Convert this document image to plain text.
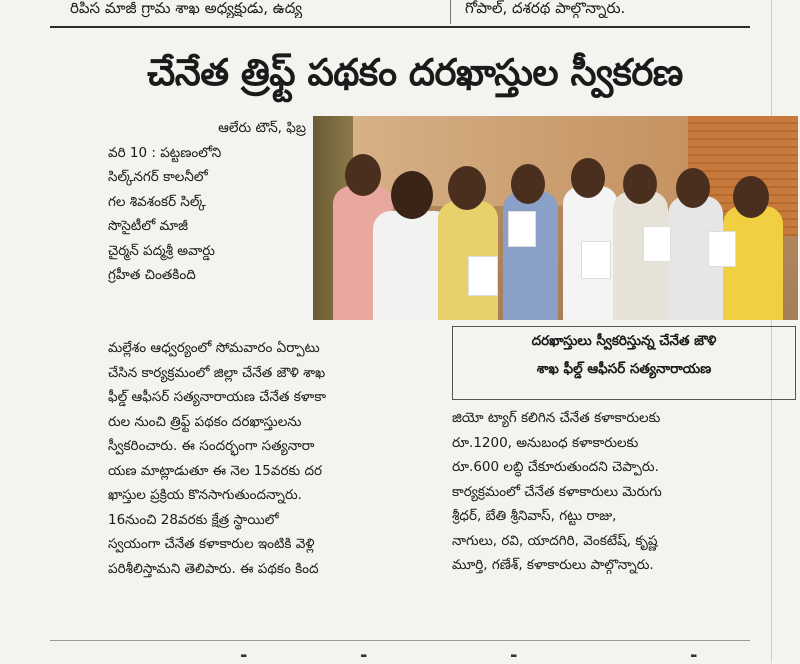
రిపిస మాజీ గ్రామ శాఖ అధ్యక్షుడు, ఉద్య	గోపాల్, దశరథ పాల్గొన్నారు.
చేనేత త్రిఫ్ట్ పథకం దరఖాస్తుల స్వీకరణ

ఆలేరు టౌన్, ఫిబ్ర

వరి 10 : పట్టణంలోని

సిల్క్‌నగర్ కాలనీలో

గల శివశంకర్ సిల్క్

సొసైటీలో మాజీ

చైర్మన్ పద్మశ్రీ అవార్డు

గ్రహీత చింతకింది

దరఖాస్తులు స్వీకరిస్తున్న చేనేత జౌళి
శాఖ ఫీల్డ్ ఆఫీసర్ సత్యనారాయణ

మల్లేశం ఆధ్వర్యంలో సోమవారం ఏర్పాటు

చేసిన కార్యక్రమంలో జిల్లా చేనేత జౌళి శాఖ

ఫీల్డ్ ఆఫీసర్ సత్యనారాయణ చేనేత కళాకా

రుల నుంచి త్రిఫ్ట్ పథకం దరఖాస్తులను

స్వీకరించారు. ఈ సందర్భంగా సత్యనారా

యణ మాట్లాడుతూ ఈ నెల 15వరకు దర

ఖాస్తుల ప్రక్రియ కొనసాగుతుందన్నారు.

16నుంచి 28వరకు క్షేత్ర స్థాయిలో

స్వయంగా చేనేత కళాకారుల ఇంటికి వెళ్లి

పరిశీలిస్తామని తెలిపారు. ఈ పథకం కింద

జియో ట్యాగ్ కలిగిన చేనేత కళాకారులకు

రూ.1200, అనుబంధ కళాకారులకు

రూ.600 లబ్ధి చేకూరుతుందని చెప్పారు.

కార్యక్రమంలో చేనేత కళాకారులు మెరుగు

శ్రీధర్, బేతి శ్రీనివాస్, గట్టు రాజు,

నాగులు, రవి, యాదగిరి, వెంకటేష్, కృష్ణ

మూర్తి, గణేశ్, కళాకారులు పాల్గొన్నారు.

-	-	-	-
